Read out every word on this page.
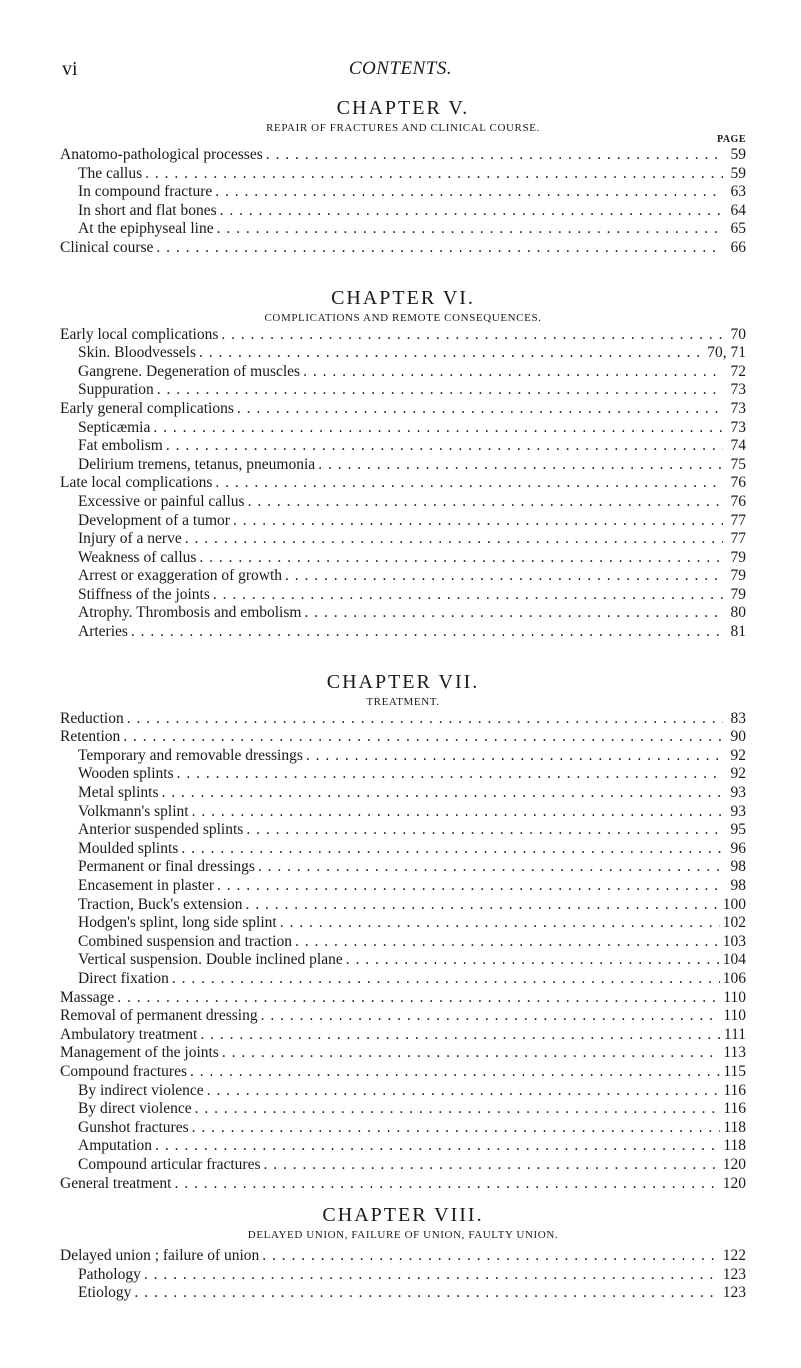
vi	CONTENTS.
CHAPTER V.
REPAIR OF FRACTURES AND CLINICAL COURSE.
PAGE
Anatomo-pathological processes . . .	59
The callus . . .	59
In compound fracture . . .	63
In short and flat bones . . .	64
At the epiphyseal line . . .	65
Clinical course . . .	66
CHAPTER VI.
COMPLICATIONS AND REMOTE CONSEQUENCES.
Early local complications . . .	70
Skin. Bloodvessels . . .	70, 71
Gangrene. Degeneration of muscles . . .	72
Suppuration . . .	73
Early general complications . . .	73
Septicæmia . . .	73
Fat embolism . . .	74
Delirium tremens, tetanus, pneumonia . . .	75
Late local complications . . .	76
Excessive or painful callus . . .	76
Development of a tumor . . .	77
Injury of a nerve . . .	77
Weakness of callus . . .	79
Arrest or exaggeration of growth . . .	79
Stiffness of the joints . . .	79
Atrophy. Thrombosis and embolism . . .	80
Arteries . . .	81
CHAPTER VII.
TREATMENT.
Reduction . . .	83
Retention . . .	90
Temporary and removable dressings . . .	92
Wooden splints . . .	92
Metal splints . . .	93
Volkmann's splint . . .	93
Anterior suspended splints . . .	95
Moulded splints . . .	96
Permanent or final dressings . . .	98
Encasement in plaster . . .	98
Traction, Buck's extension . . .	100
Hodgen's splint, long side splint . . .	102
Combined suspension and traction . . .	103
Vertical suspension. Double inclined plane . . .	104
Direct fixation . . .	106
Massage . . .	110
Removal of permanent dressing . . .	110
Ambulatory treatment . . .	111
Management of the joints . . .	113
Compound fractures . . .	115
By indirect violence . . .	116
By direct violence . . .	116
Gunshot fractures . . .	118
Amputation . . .	118
Compound articular fractures . . .	120
General treatment . . .	120
CHAPTER VIII.
DELAYED UNION, FAILURE OF UNION, FAULTY UNION.
Delayed union ; failure of union . . .	122
Pathology . . .	123
Etiology . . .	123
